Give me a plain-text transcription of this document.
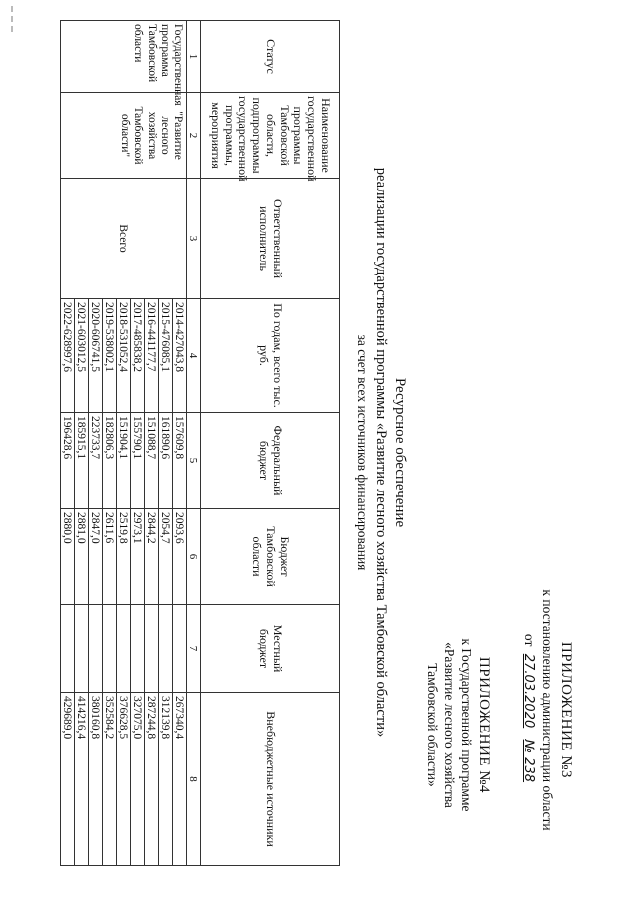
ПРИЛОЖЕНИЕ №3
к постановлению администрации области
от 27.03.2020 № 238
ПРИЛОЖЕНИЕ №4
к Государственной программе
«Развитие лесного хозяйства
Тамбовской области»
Ресурсное обеспечение
реализации государственной программы «Развитие лесного хозяйства Тамбовской области»
за счет всех источников финансирования
Статус	Наименование государственной программы Тамбовской области, подпрограммы государственной программы, мероприятия	Ответственный исполнитель	По годам, всего тыс. руб.	Федеральный бюджет	Бюджет Тамбовской области	Местный бюджет	Внебюджетные источники
1	2	3	4	5	6	7	8
Государственная программа Тамбовской области	"Развитие лесного хозяйства Тамбовской области"	Всего	2014-427043,8	157609,8	2093,6		267340,4
			2015-476085,1	161890,6	2054,7		312139,8
			2016-441177,7	151088,7	2844,2		287244,8
			2017-485838,2	155790,1	2973,1		327075,0
			2018-531052,4	151904,1	2519,8		376628,5
			2019-538002,1	182806,3	2611,6		352584,2
			2020-606741,5	223733,7	2847,0		380160,8
			2021-603012,5	185915,1	2881,0		414216,4
			2022-628997,6	196428,6	2880,0		429689,0
